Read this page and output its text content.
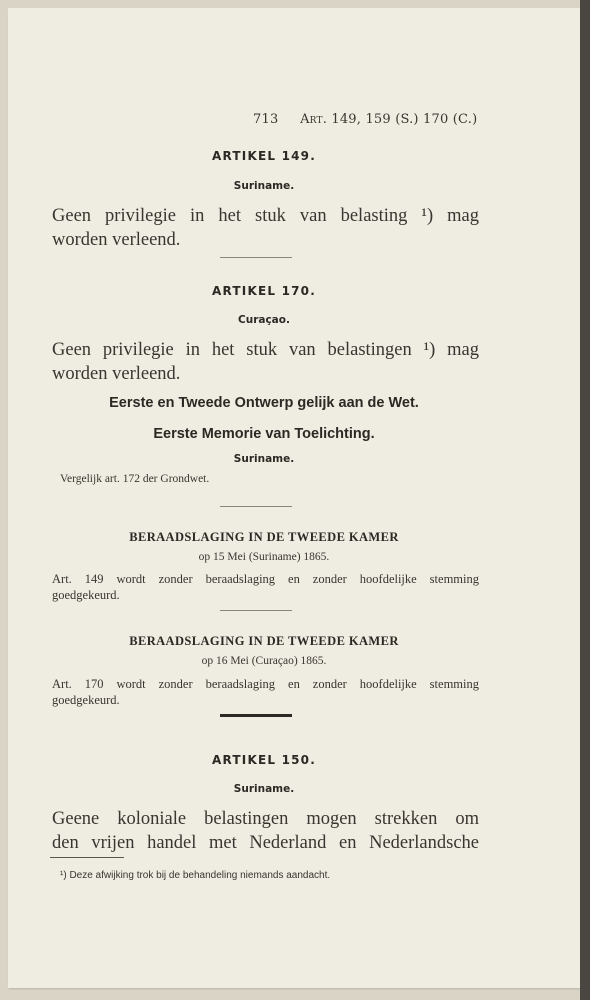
713 Art. 149, 159 (S.) 170 (C.)
ARTIKEL 149.
Suriname.
Geen privilegie in het stuk van belasting ¹) mag
worden verleend.
ARTIKEL 170.
Curaçao.
Geen privilegie in het stuk van belastingen ¹) mag
worden verleend.
Eerste en Tweede Ontwerp gelijk aan de Wet.
Eerste Memorie van Toelichting.
Suriname.
Vergelijk art. 172 der Grondwet.
BERAADSLAGING IN DE TWEEDE KAMER
op 15 Mei (Suriname) 1865.
Art. 149 wordt zonder beraadslaging en zonder hoofdelijke stemming
goedgekeurd.
BERAADSLAGING IN DE TWEEDE KAMER
op 16 Mei (Curaçao) 1865.
Art. 170 wordt zonder beraadslaging en zonder hoofdelijke stemming
goedgekeurd.
ARTIKEL 150.
Suriname.
Geene koloniale belastingen mogen strekken om
den vrijen handel met Nederland en Nederlandsche
¹) Deze afwijking trok bij de behandeling niemands aandacht.
